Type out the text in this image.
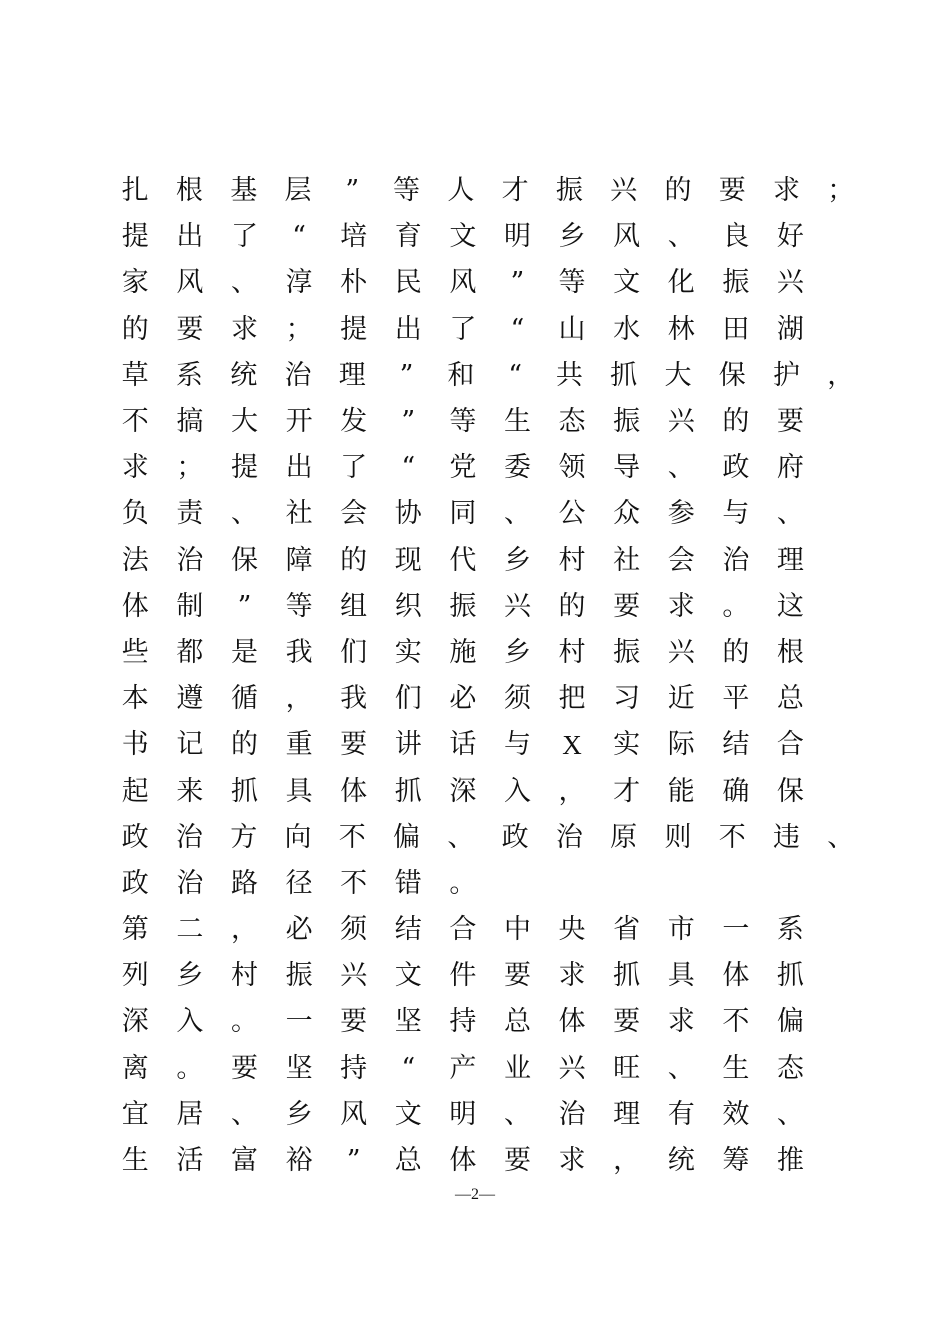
扎	根	基	层	”	等	人	才	振	兴	的	要	求	；
提	出	了	“	培	育	文	明	乡	风	、	良	好
家	风	、	淳	朴	民	风	”	等	文	化	振	兴
的	要	求	；	提	出	了	“	山	水	林	田	湖
草	系	统	治	理	”	和	“	共	抓	大	保	护	，
不	搞	大	开	发	”	等	生	态	振	兴	的	要
求	；	提	出	了	“	党	委	领	导	、	政	府
负	责	、	社	会	协	同	、	公	众	参	与	、
法	治	保	障	的	现	代	乡	村	社	会	治	理
体	制	”	等	组	织	振	兴	的	要	求	。	这
些	都	是	我	们	实	施	乡	村	振	兴	的	根
本	遵	循	，	我	们	必	须	把	习	近	平	总
书	记	的	重	要	讲	话	与	X	实	际	结	合
起	来	抓	具	体	抓	深	入	，	才	能	确	保
政	治	方	向	不	偏	、	政	治	原	则	不	违	、
政	治	路	径	不	错	。
第	二	，	必	须	结	合	中	央	省	市	一	系
列	乡	村	振	兴	文	件	要	求	抓	具	体	抓
深	入	。	一	要	坚	持	总	体	要	求	不	偏
离	。	要	坚	持	“	产	业	兴	旺	、	生	态
宜	居	、	乡	风	文	明	、	治	理	有	效	、
生	活	富	裕	”	总	体	要	求	，	统	筹	推
—2—
